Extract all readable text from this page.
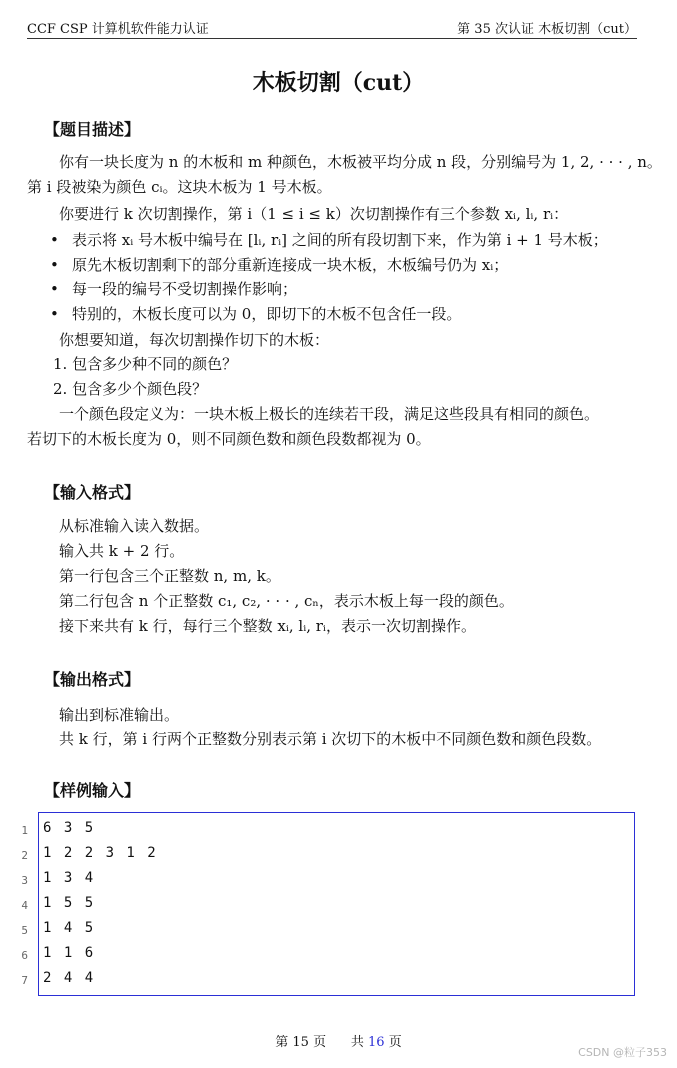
CCF CSP 计算机软件能力认证	第 35 次认证 木板切割（cut）
木板切割（cut）
【题目描述】
你有一块长度为 n 的木板和 m 种颜色，木板被平均分成 n 段，分别编号为 1, 2, · · · , n。
第 i 段被染为颜色 cᵢ。这块木板为 1 号木板。
你要进行 k 次切割操作，第 i（1 ≤ i ≤ k）次切割操作有三个参数 xᵢ, lᵢ, rᵢ：
• 表示将 xᵢ 号木板中编号在 [lᵢ, rᵢ] 之间的所有段切割下来，作为第 i + 1 号木板；
• 原先木板切割剩下的部分重新连接成一块木板，木板编号仍为 xᵢ；
• 每一段的编号不受切割操作影响；
• 特别的，木板长度可以为 0，即切下的木板不包含任一段。
你想要知道，每次切割操作切下的木板：
1. 包含多少种不同的颜色？
2. 包含多少个颜色段？
一个颜色段定义为：一块木板上极长的连续若干段，满足这些段具有相同的颜色。
若切下的木板长度为 0，则不同颜色数和颜色段数都视为 0。
【输入格式】
从标准输入读入数据。
输入共 k + 2 行。
第一行包含三个正整数 n, m, k。
第二行包含 n 个正整数 c₁, c₂, · · · , cₙ，表示木板上每一段的颜色。
接下来共有 k 行，每行三个整数 xᵢ, lᵢ, rᵢ，表示一次切割操作。
【输出格式】
输出到标准输出。
共 k 行，第 i 行两个正整数分别表示第 i 次切下的木板中不同颜色数和颜色段数。
【样例输入】
1 6 3 5
2 1 2 2 3 1 2
3 1 3 4
4 1 5 5
5 1 4 5
6 1 1 6
7 2 4 4
第 15 页 共 16 页
CSDN @粒子353
